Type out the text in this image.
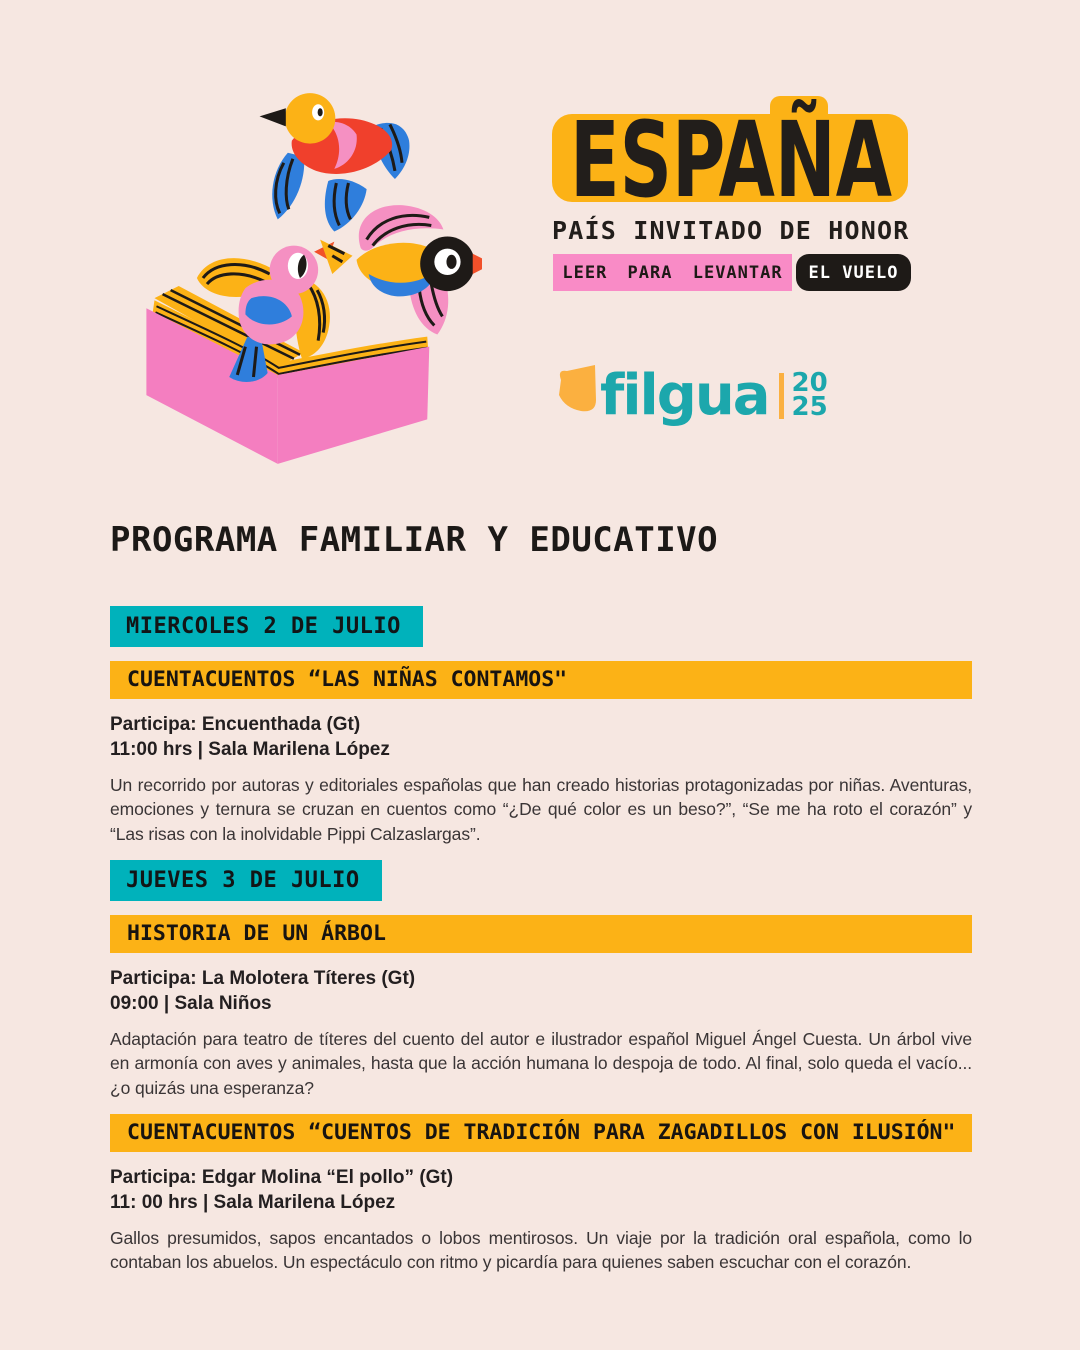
ESPAÑA
PAÍS INVITADO DE HONOR
LEER PARA LEVANTAR	EL VUELO
filgua 20
25
PROGRAMA FAMILIAR Y EDUCATIVO
MIERCOLES 2 DE JULIO
CUENTACUENTOS “LAS NIÑAS CONTAMOS"
Participa: Encuenthada (Gt)
11:00 hrs | Sala Marilena López

Un recorrido por autoras y editoriales españolas que han creado historias protagonizadas por niñas. Aventuras, emociones y ternura se cruzan en cuentos como “¿De qué color es un beso?”, “Se me ha roto el corazón” y “Las risas con la inolvidable Pippi Calzaslargas”.

JUEVES 3 DE JULIO
HISTORIA DE UN ÁRBOL
Participa: La Molotera Títeres (Gt)
09:00 | Sala Niños

Adaptación para teatro de títeres del cuento del autor e ilustrador español Miguel Ángel Cuesta. Un árbol vive en armonía con aves y animales, hasta que la acción humana lo despoja de todo. Al final, solo queda el vacío... ¿o quizás una esperanza?

CUENTACUENTOS “CUENTOS DE TRADICIÓN PARA ZAGADILLOS CON ILUSIÓN"
Participa: Edgar Molina “El pollo” (Gt)
11: 00 hrs | Sala Marilena López

Gallos presumidos, sapos encantados o lobos mentirosos. Un viaje por la tradición oral española, como lo contaban los abuelos. Un espectáculo con ritmo y picardía para quienes saben escuchar con el corazón.
